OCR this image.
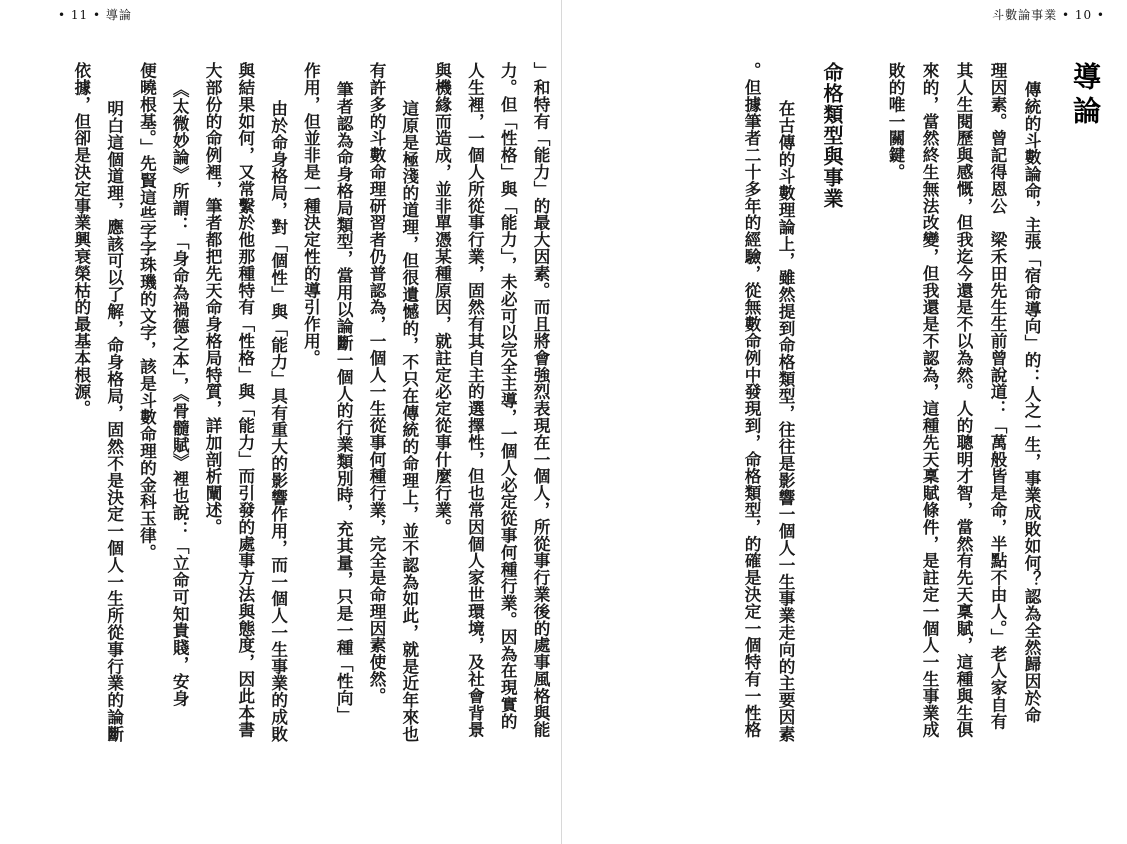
• 11 • 導論
」和特有「能力」的最大因素。而且將會強烈表現在一個人，所從事行業後的處事風格與能
力。但「性格」與「能力」，未必可以完全主導，一個人必定從事何種行業。因為在現實的
人生裡，一個人所從事行業，固然有其自主的選擇性，但也常因個人家世環境，及社會背景
與機緣而造成，並非單憑某種原因，就註定必定從事什麼行業。
這原是極淺的道理，但很遺憾的，不只在傳統的命理上，並不認為如此，就是近年來也
有許多的斗數命理研習者仍普認為，一個人一生從事何種行業，完全是命理因素使然。
筆者認為命身格局類型，當用以論斷一個人的行業類別時，充其量，只是一種「性向」
作用，但並非是一種決定性的導引作用。
由於命身格局，對「個性」與「能力」具有重大的影響作用，而一個人一生事業的成敗
與結果如何，又常繫於他那種特有「性格」與「能力」而引發的處事方法與態度，因此本書
大部份的命例裡，筆者都把先天命身格局特質，詳加剖析闡述。
《太微妙論》所謂：「身命為禍德之本」，《骨髓賦》裡也說：「立命可知貴賤，安身
便曉根基。」先賢這些字字珠璣的文字，該是斗數命理的金科玉律。
明白這個道理，應該可以了解，命身格局，固然不是決定一個人一生所從事行業的論斷
依據，但卻是決定事業興衰榮枯的最基本根源。
斗數論事業 • 10 •
導論
傳統的斗數論命，主張「宿命導向」的：人之一生，事業成敗如何？認為全然歸因於命
理因素。曾記得恩公　梁禾田先生生前曾說道：「萬般皆是命，半點不由人。」老人家自有
其人生閱歷與感慨，但我迄今還是不以為然。人的聰明才智，當然有先天稟賦，這種與生俱
來的，當然終生無法改變，但我還是不認為，這種先天稟賦條件，是註定一個人一生事業成
敗的唯一關鍵。
命格類型與事業
在古傳的斗數理論上，雖然提到命格類型，往往是影響一個人一生事業走向的主要因素
。但據筆者二十多年的經驗，從無數命例中發現到，命格類型，的確是決定一個特有一性格
